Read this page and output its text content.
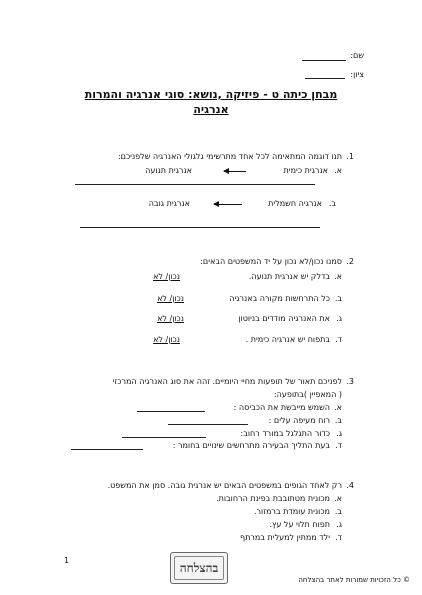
שם:
ציון:
מבחן כיתה ט - פיזיקה ,נושא: סוגי אנרגיה והמרות
אנרגיה
1.
תנו דוגמה המתאימה לכל אחד מתרשימי גלגולי האנרגיה שלפניכם:
א.
אנרגית כימית
אנרגית תנועה
ב.
אנרגיה חשמלית
אנרגית גובה
2.
סמנו נכון/לא נכון על יד המשפטים הבאים:
א.
בדלק יש אנרגית תנועה.
נכון/ לא
ב.
כל התרחשות מקורה באנרגיה
נכון/ לא
ג.
את האנרגיה מודדים בניוטון
נכון/ לא
ד.
בתפוח יש אנרגיה כימית .
נכון/ לא
3.
לפניכם תאור של תופעות מחיי היומיים. זהה את סוג האנרגיה המרכזי
( המאפיין )בתופעה:
א.
השמש מייבשת את הכביסה :
ב.
רוח מעיפה עלים :
ג.
כדור התגלגל במורד רחוב:
ד.
בעת התליך הבעירה מתרחשים שינויים בחומר :
4.
רק לאחד הגופים במשפטים הבאים יש אנרגית גובה. סמן את המשפט.
א.
מכונית מטתובבת בפינת הרחובות.
ב.
מכונית עומדת ברמזור.
ג.
תפוח תלוי על עץ.
ד.
ילד ממתין למעלית במרתף
1	בהצלחה
© כל הזכויות שמורות לאתר בהצלחה
